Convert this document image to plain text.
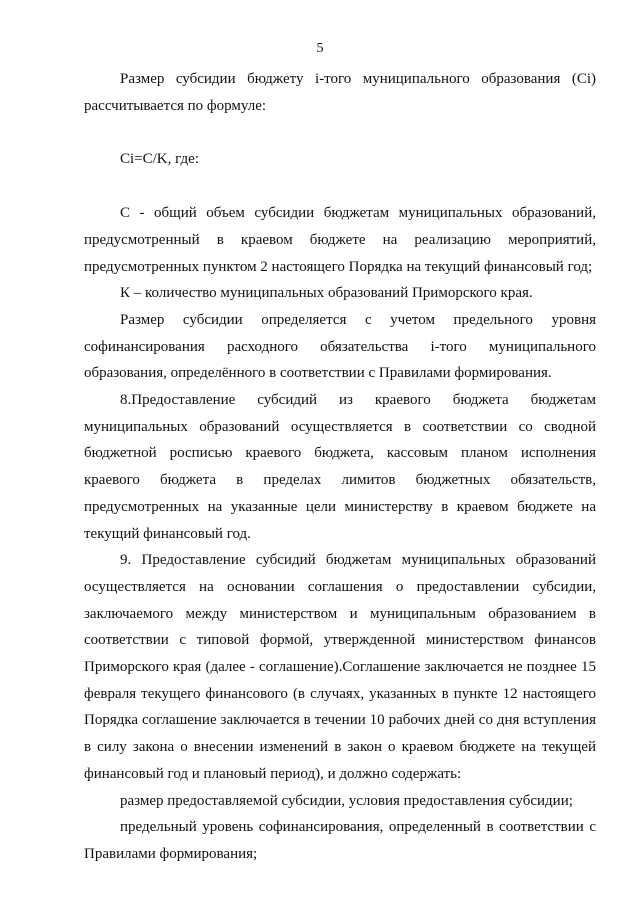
5

Размер субсидии бюджету i-того муниципального образования (Ci) рассчитывается по формуле:

Ci=C/K, где:

С - общий объем субсидии бюджетам муниципальных образований, предусмотренный в краевом бюджете на реализацию мероприятий, предусмотренных пунктом 2 настоящего Порядка на текущий финансовый год;

К – количество муниципальных образований Приморского края.

Размер субсидии определяется с учетом предельного уровня софинансирования расходного обязательства i-того муниципального образования, определённого в соответствии с Правилами формирования.

8.Предоставление субсидий из краевого бюджета бюджетам муниципальных образований осуществляется в соответствии со сводной бюджетной росписью краевого бюджета, кассовым планом исполнения краевого бюджета в пределах лимитов бюджетных обязательств, предусмотренных на указанные цели министерству в краевом бюджете на текущий финансовый год.

9. Предоставление субсидий бюджетам муниципальных образований осуществляется на основании соглашения о предоставлении субсидии, заключаемого между министерством и муниципальным образованием в соответствии с типовой формой, утвержденной министерством финансов Приморского края (далее - соглашение).Соглашение заключается не позднее 15 февраля текущего финансового (в случаях, указанных в пункте 12 настоящего Порядка соглашение заключается в течении 10 рабочих дней со дня вступления в силу закона о внесении изменений в закон о краевом бюджете на текущей финансовый год и плановый период), и должно содержать:

размер предоставляемой субсидии, условия предоставления субсидии;

предельный уровень софинансирования, определенный в соответствии с Правилами формирования;
